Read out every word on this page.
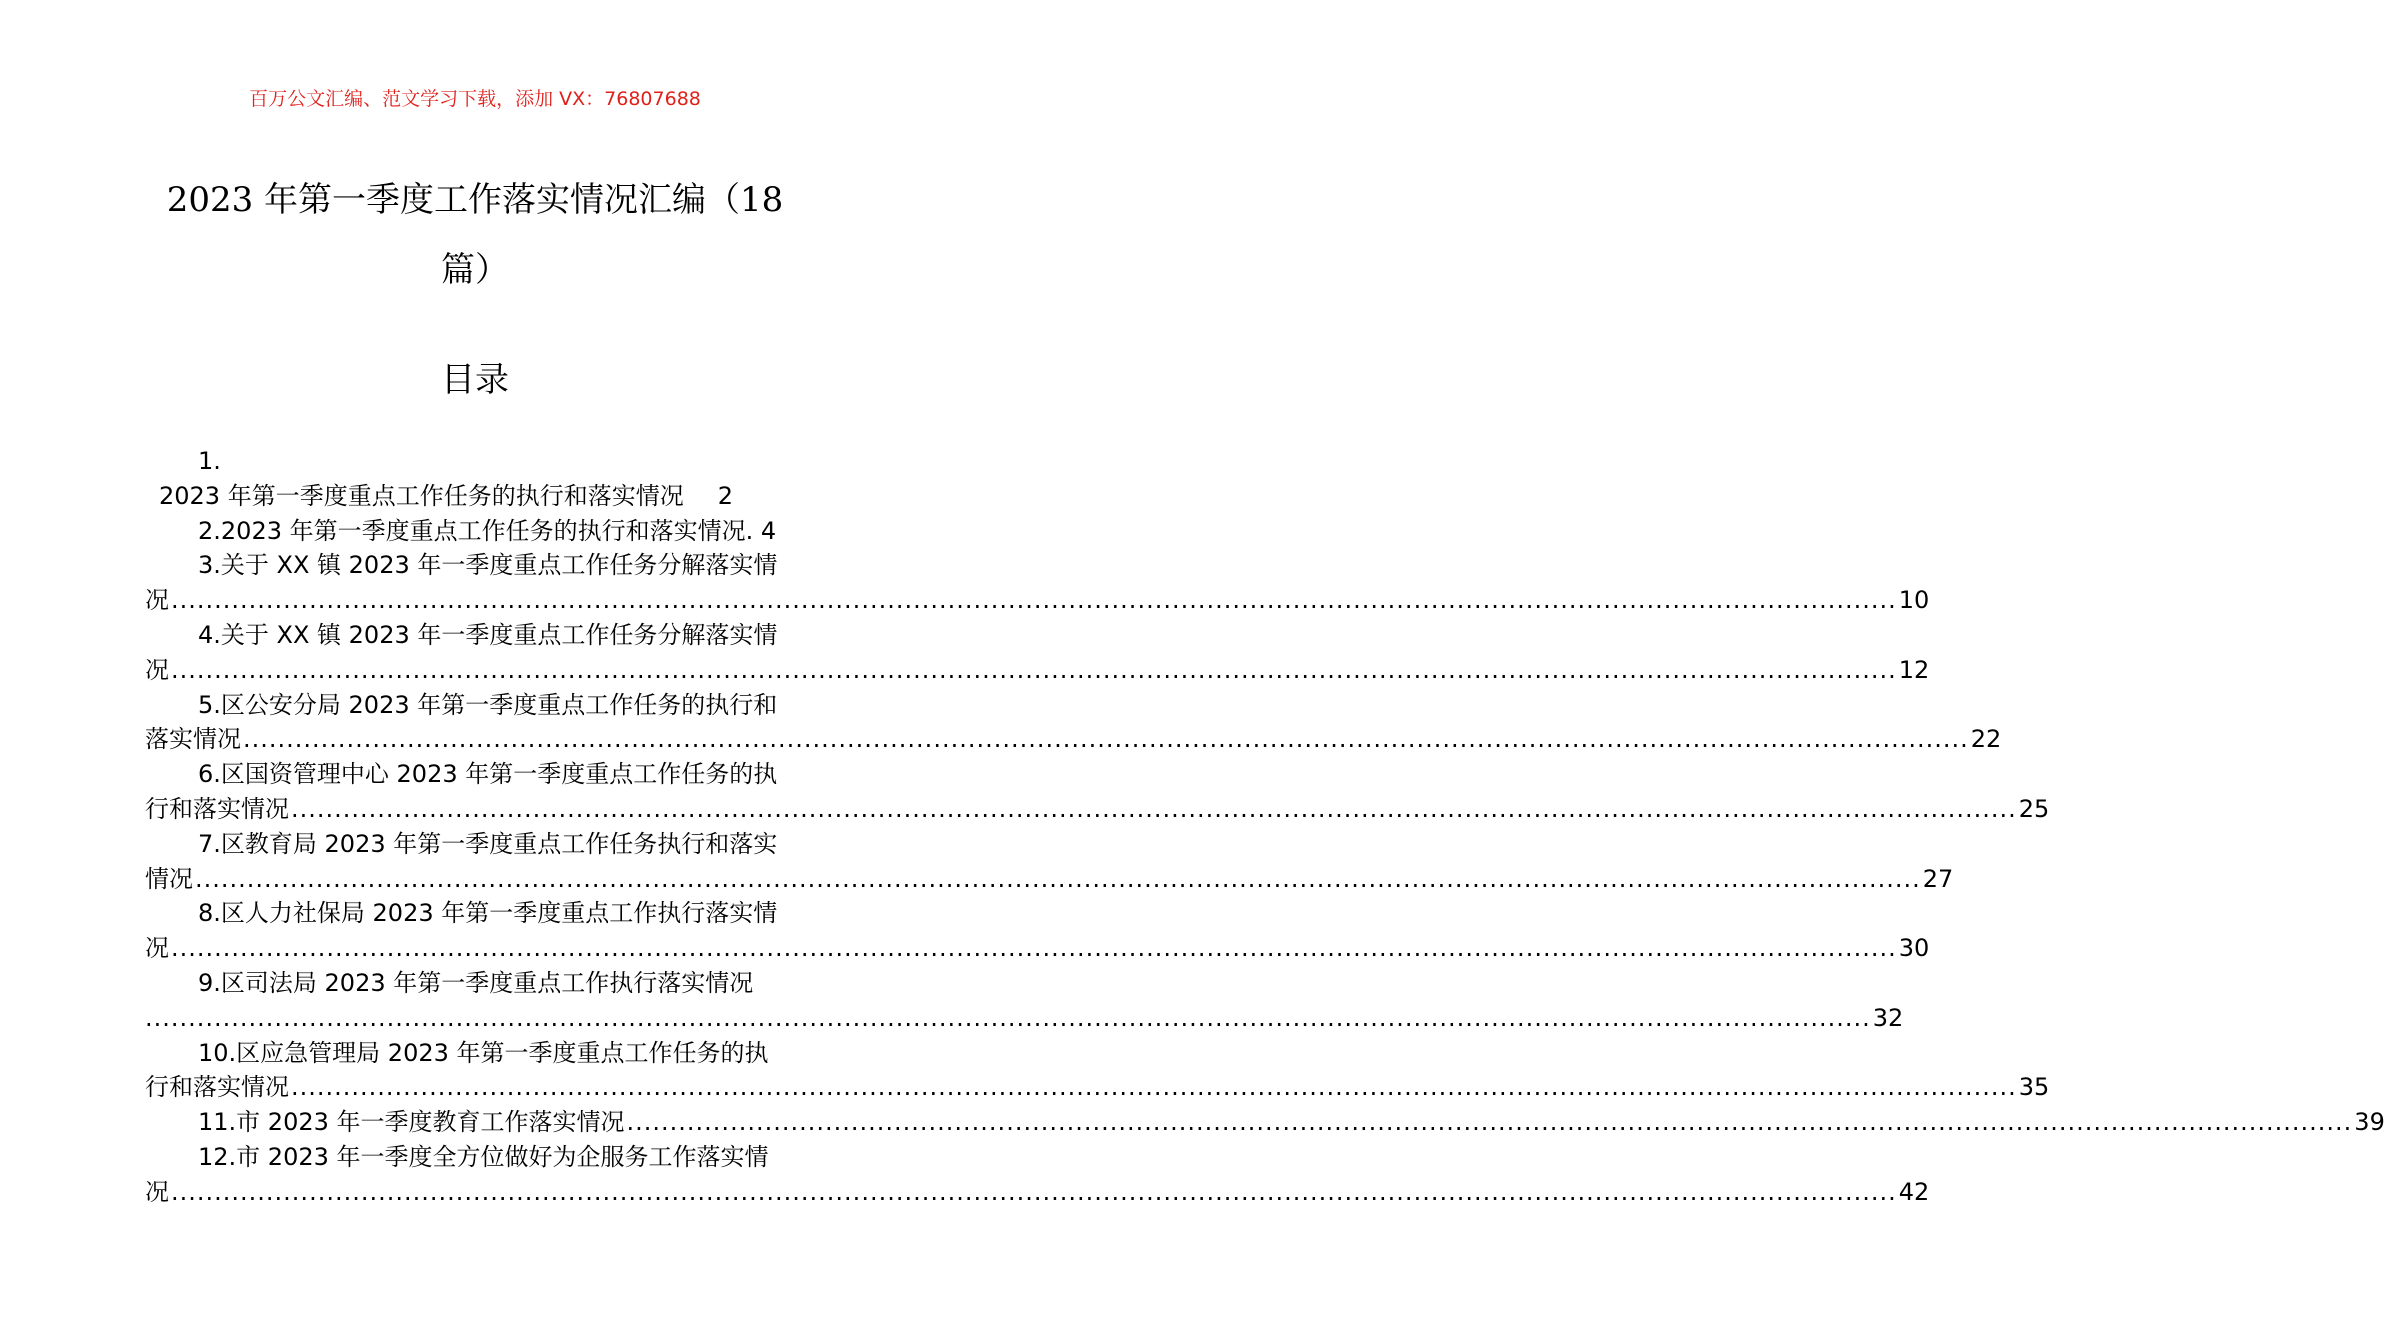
百万公文汇编、范文学习下载，添加 VX：76807688
2023 年第一季度工作落实情况汇编（18
篇）
目录
1.
2023 年第一季度重点工作任务的执行和落实情况 2
2.2023 年第一季度重点工作任务的执行和落实情况. 4
3.关于 XX 镇 2023 年一季度重点工作任务分解落实情
况 ........................................................................................................................................................................................................ 10
4.关于 XX 镇 2023 年一季度重点工作任务分解落实情
况 ........................................................................................................................................................................................................ 12
5.区公安分局 2023 年第一季度重点工作任务的执行和
落实情况 ........................................................................................................................................................................................................ 22
6.区国资管理中心 2023 年第一季度重点工作任务的执
行和落实情况 ........................................................................................................................................................................................................ 25
7.区教育局 2023 年第一季度重点工作任务执行和落实
情况 ........................................................................................................................................................................................................ 27
8.区人力社保局 2023 年第一季度重点工作执行落实情
况 ........................................................................................................................................................................................................ 30
9.区司法局 2023 年第一季度重点工作执行落实情况
........................................................................................................................................................................................................ 32
10.区应急管理局 2023 年第一季度重点工作任务的执
行和落实情况 ........................................................................................................................................................................................................ 35
11.市 2023 年一季度教育工作落实情况 ........................................................................................................................................................................................................ 39
12.市 2023 年一季度全方位做好为企服务工作落实情
况 ........................................................................................................................................................................................................ 42
